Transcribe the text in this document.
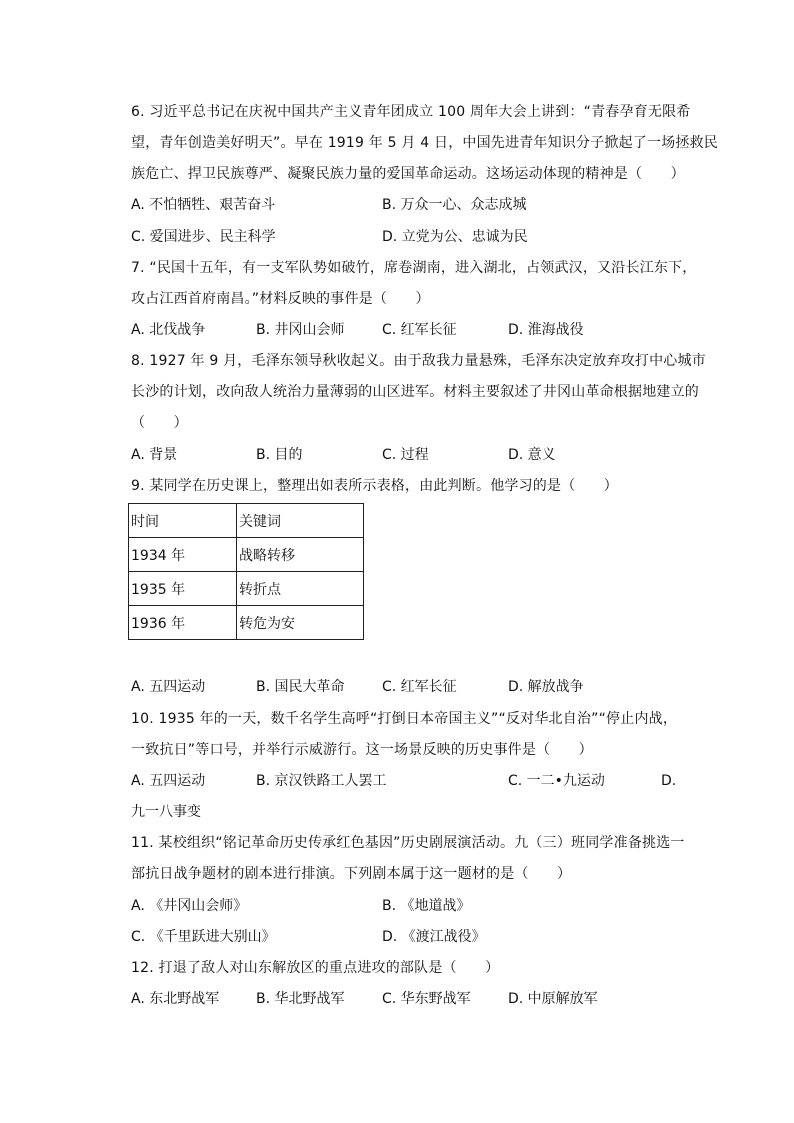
6. 习近平总书记在庆祝中国共产主义青年团成立 100 周年大会上讲到：“青春孕育无限希
望，青年创造美好明天”。早在 1919 年 5 月 4 日，中国先进青年知识分子掀起了一场拯救民
族危亡、捍卫民族尊严、凝聚民族力量的爱国革命运动。这场运动体现的精神是（　　）
A. 不怕牺牲、艰苦奋斗	B. 万众一心、众志成城
C. 爱国进步、民主科学	D. 立党为公、忠诚为民
7. “民国十五年，有一支军队势如破竹，席卷湖南，进入湖北，占领武汉，又沿长江东下，
攻占江西首府南昌。”材料反映的事件是（　　）
A. 北伐战争	B. 井冈山会师	C. 红军长征	D. 淮海战役
8. 1927 年 9 月，毛泽东领导秋收起义。由于敌我力量悬殊，毛泽东决定放弃攻打中心城市
长沙的计划，改向敌人统治力量薄弱的山区进军。材料主要叙述了井冈山革命根据地建立的
（　　）
A. 背景	B. 目的	C. 过程	D. 意义
9. 某同学在历史课上，整理出如表所示表格，由此判断。他学习的是（　　）
时间	关键词
1934 年	战略转移
1935 年	转折点
1936 年	转危为安
A. 五四运动	B. 国民大革命	C. 红军长征	D. 解放战争
10. 1935 年的一天，数千名学生高呼“打倒日本帝国主义”“反对华北自治”“停止内战，
一致抗日”等口号，并举行示威游行。这一场景反映的历史事件是（　　）
A. 五四运动	B. 京汉铁路工人罢工	C. 一二•九运动	D.
九一八事变
11. 某校组织“铭记革命历史传承红色基因”历史剧展演活动。九（三）班同学准备挑选一
部抗日战争题材的剧本进行排演。下列剧本属于这一题材的是（　　）
A. 《井冈山会师》	B. 《地道战》
C. 《千里跃进大别山》	D. 《渡江战役》
12. 打退了敌人对山东解放区的重点进攻的部队是（　　）
A. 东北野战军	B. 华北野战军	C. 华东野战军	D. 中原解放军
